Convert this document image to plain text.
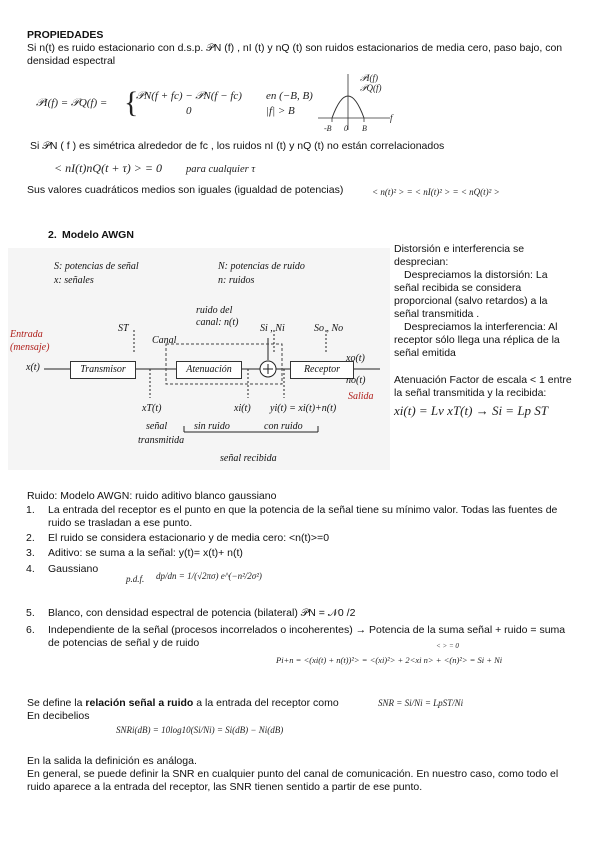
PROPIEDADES
Si n(t) es ruido estacionario con d.s.p. 𝒫N (f) , nI (t) y nQ (t) son ruidos estacionarios de media cero, paso bajo, con densidad espectral
𝒫I(f) = 𝒫Q(f) = {
𝒫N(f + fc) − 𝒫N(f − fc) en (−B, B)
0	|f| > B
𝒫I(f)
𝒫Q(f)
-B 0 B
f
Si 𝒫N ( f ) es simétrica alrededor de fc , los ruidos nI (t) y nQ (t) no están correlacionados
< nI(t)nQ(t + τ) > = 0 para cualquier τ
Sus valores cuadráticos medios son iguales (igualdad de potencias)	< n(t)² > = < nI(t)² > = < nQ(t)² >
2. Modelo AWGN
S: potencias de señal
x: señales
N: potencias de ruido
n: ruidos
Entrada
(mensaje)
x(t)	Transmisor	Atenuación	Receptor
ST
Canal
ruido del
canal: n(t)
Si , Ni	So , No
xo(t)
no(t)
Salida
xT(t)
señal
transmitida
xi(t)
sin ruido
yi(t) = xi(t)+n(t)
con ruido
señal recibida
Distorsión e interferencia se desprecian:
Despreciamos la distorsión: La señal recibida se considera proporcional (salvo retardos) a la señal transmitida .
Despreciamos la interferencia: Al receptor sólo llega una réplica de la señal emitida
Atenuación Factor de escala < 1 entre la señal transmitida y la recibida:
xi(t) = Lv xT(t) → Si = Lp ST
Ruido: Modelo AWGN: ruido aditivo blanco gaussiano
1. La entrada del receptor es el punto en que la potencia de la señal tiene su mínimo valor. Todas las fuentes de ruido se trasladan a ese punto.
2. El ruido se considera estacionario y de media cero: <n(t)>=0
3. Aditivo: se suma a la señal: y(t)= x(t)+ n(t)
4. Gaussiano
p.d.f. dp/dn = 1/(√2πσ) e^(−n²/2σ²)
5. Blanco, con densidad espectral de potencia (bilateral) 𝒫N = 𝒩0 /2
6. Independiente de la señal (procesos incorrelados o incoherentes) → Potencia de la suma señal + ruido = suma de potencias de señal y de ruido	< > = 0
Pi+n = <(xi(t) + n(t))²> = <(xi)²> + 2<xi n> + <(n)²> = Si + Ni
Se define la relación señal a ruido a la entrada del receptor como	SNR = Si/Ni = LpST/Ni
En decibelios
SNRi(dB) = 10log10(Si/Ni) = Si(dB) − Ni(dB)
En la salida la definición es análoga.
En general, se puede definir la SNR en cualquier punto del canal de comunicación. En nuestro caso, como todo el ruido aparece a la entrada del receptor, las SNR tienen sentido a partir de ese punto.
